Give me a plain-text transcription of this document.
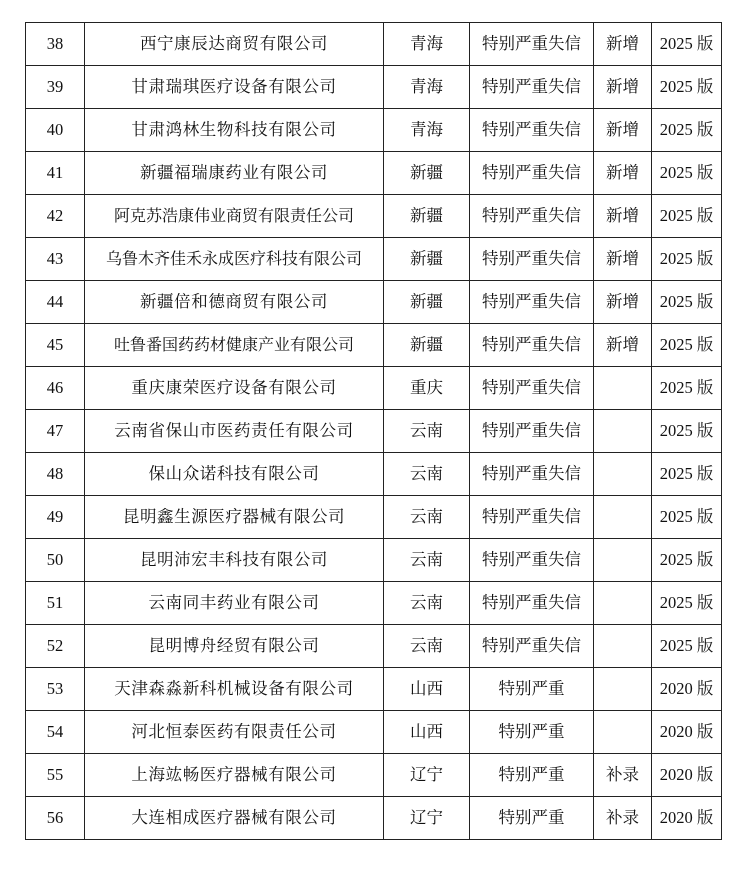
38	西宁康辰达商贸有限公司	青海	特别严重失信	新增	2025 版
39	甘肃瑞琪医疗设备有限公司	青海	特别严重失信	新增	2025 版
40	甘肃鸿林生物科技有限公司	青海	特别严重失信	新增	2025 版
41	新疆福瑞康药业有限公司	新疆	特别严重失信	新增	2025 版
42	阿克苏浩康伟业商贸有限责任公司	新疆	特别严重失信	新增	2025 版
43	乌鲁木齐佳禾永成医疗科技有限公司	新疆	特别严重失信	新增	2025 版
44	新疆倍和德商贸有限公司	新疆	特别严重失信	新增	2025 版
45	吐鲁番国药药材健康产业有限公司	新疆	特别严重失信	新增	2025 版
46	重庆康荣医疗设备有限公司	重庆	特别严重失信		2025 版
47	云南省保山市医药责任有限公司	云南	特别严重失信		2025 版
48	保山众诺科技有限公司	云南	特别严重失信		2025 版
49	昆明鑫生源医疗器械有限公司	云南	特别严重失信		2025 版
50	昆明沛宏丰科技有限公司	云南	特别严重失信		2025 版
51	云南同丰药业有限公司	云南	特别严重失信		2025 版
52	昆明博舟经贸有限公司	云南	特别严重失信		2025 版
53	天津森淼新科机械设备有限公司	山西	特别严重		2020 版
54	河北恒泰医药有限责任公司	山西	特别严重		2020 版
55	上海竑畅医疗器械有限公司	辽宁	特别严重	补录	2020 版
56	大连相成医疗器械有限公司	辽宁	特别严重	补录	2020 版
